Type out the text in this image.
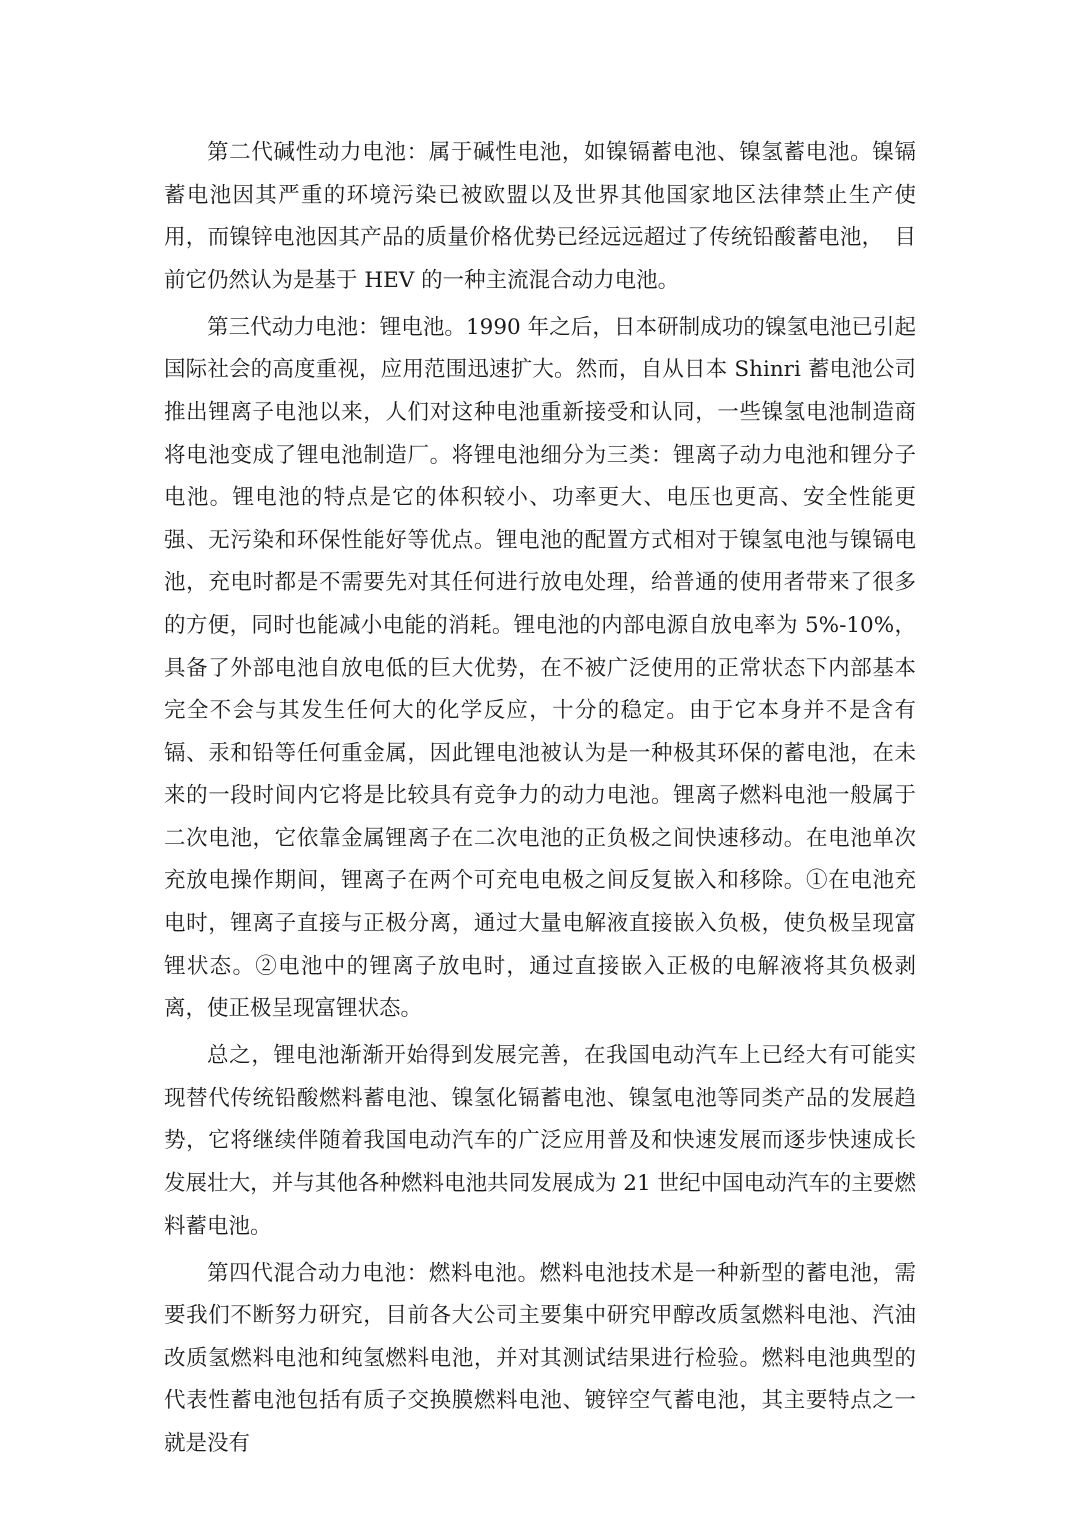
第二代碱性动力电池：属于碱性电池，如镍镉蓄电池、镍氢蓄电池。镍镉蓄电池因其严重的环境污染已被欧盟以及世界其他国家地区法律禁止生产使用，而镍锌电池因其产品的质量价格优势已经远远超过了传统铅酸蓄电池，　目前它仍然认为是基于 HEV 的一种主流混合动力电池。

第三代动力电池：锂电池。1990 年之后，日本研制成功的镍氢电池已引起国际社会的高度重视，应用范围迅速扩大。然而，自从日本 Shinri 蓄电池公司推出锂离子电池以来，人们对这种电池重新接受和认同，一些镍氢电池制造商将电池变成了锂电池制造厂。将锂电池细分为三类：锂离子动力电池和锂分子电池。锂电池的特点是它的体积较小、功率更大、电压也更高、安全性能更强、无污染和环保性能好等优点。锂电池的配置方式相对于镍氢电池与镍镉电池，充电时都是不需要先对其任何进行放电处理，给普通的使用者带来了很多的方便，同时也能减小电能的消耗。锂电池的内部电源自放电率为 5%-10%，具备了外部电池自放电低的巨大优势，在不被广泛使用的正常状态下内部基本完全不会与其发生任何大的化学反应，十分的稳定。由于它本身并不是含有镉、汞和铅等任何重金属，因此锂电池被认为是一种极其环保的蓄电池，在未来的一段时间内它将是比较具有竞争力的动力电池。锂离子燃料电池一般属于二次电池，它依靠金属锂离子在二次电池的正负极之间快速移动。在电池单次充放电操作期间，锂离子在两个可充电电极之间反复嵌入和移除。①在电池充电时，锂离子直接与正极分离，通过大量电解液直接嵌入负极，使负极呈现富锂状态。②电池中的锂离子放电时，通过直接嵌入正极的电解液将其负极剥离，使正极呈现富锂状态。

总之，锂电池渐渐开始得到发展完善，在我国电动汽车上已经大有可能实现替代传统铅酸燃料蓄电池、镍氢化镉蓄电池、镍氢电池等同类产品的发展趋势，它将继续伴随着我国电动汽车的广泛应用普及和快速发展而逐步快速成长发展壮大，并与其他各种燃料电池共同发展成为 21 世纪中国电动汽车的主要燃料蓄电池。

第四代混合动力电池：燃料电池。燃料电池技术是一种新型的蓄电池，需要我们不断努力研究，目前各大公司主要集中研究甲醇改质氢燃料电池、汽油改质氢燃料电池和纯氢燃料电池，并对其测试结果进行检验。燃料电池典型的代表性蓄电池包括有质子交换膜燃料电池、镀锌空气蓄电池，其主要特点之一就是没有
